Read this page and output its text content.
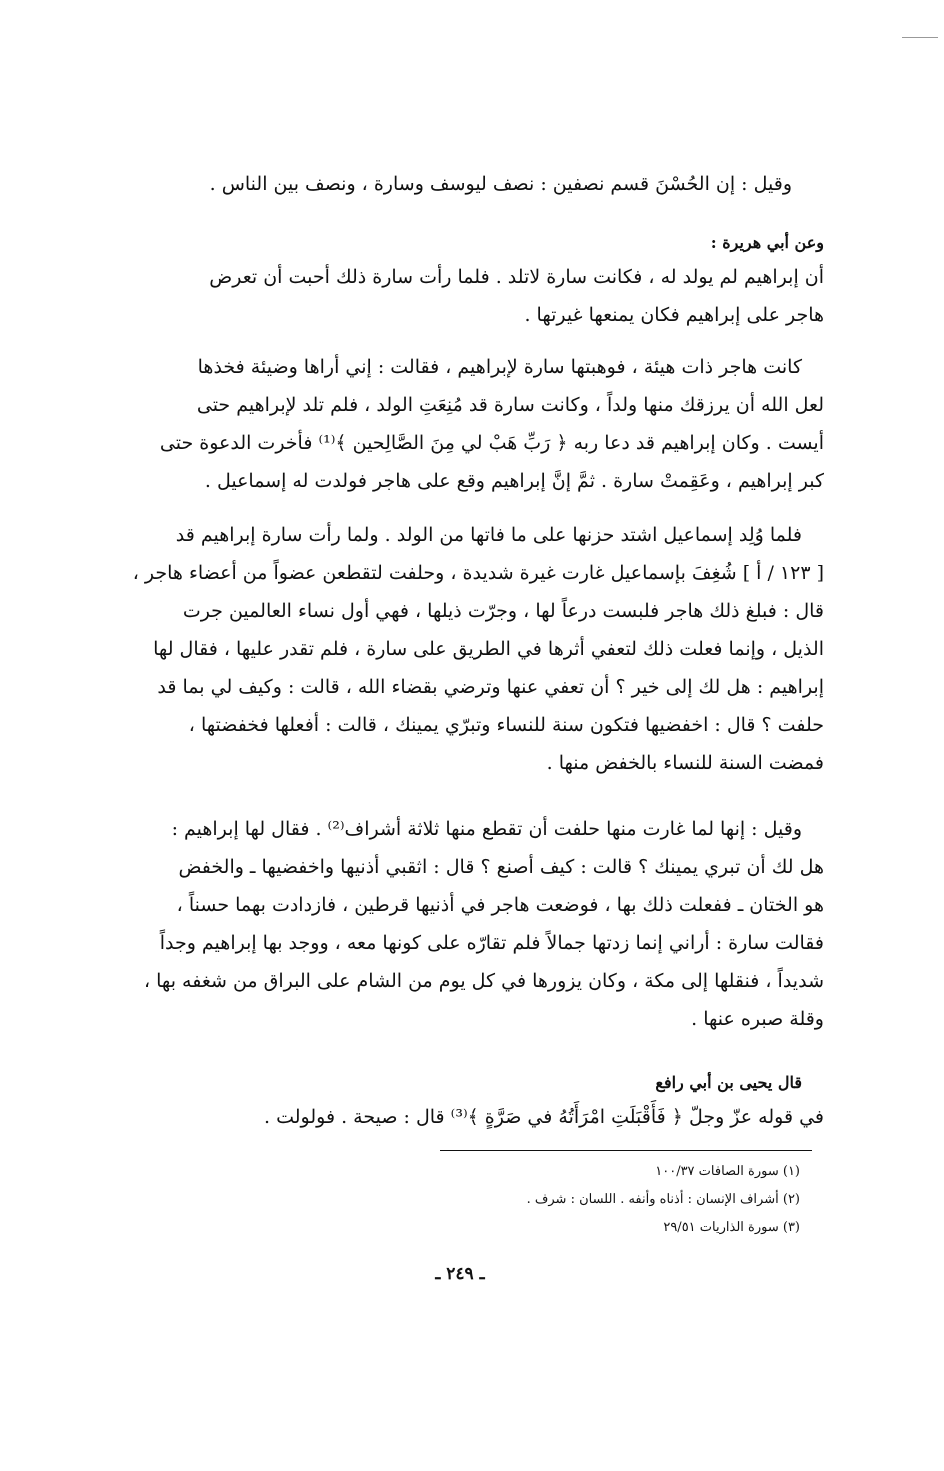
وقيل : إن الحُسْنَ قسم نصفين : نصف ليوسف وسارة ، ونصف بين الناس .
وعن أبي هريرة :
أن إبراهيم لم يولد له ، فكانت سارة لاتلد . فلما رأت سارة ذلك أحبت أن تعرض
هاجر على إبراهيم فكان يمنعها غيرتها .
كانت هاجر ذات هيئة ، فوهبتها سارة لإبراهيم ، فقالت : إني أراها وضيئة فخذها
لعل الله أن يرزقك منها ولداً ، وكانت سارة قد مُنِعَتِ الولد ، فلم تلد لإبراهيم حتى
أيست . وكان إبراهيم قد دعا ربه ﴿ رَبِّ هَبْ لي مِنَ الصَّالِحين ﴾⁽¹⁾ فأخرت الدعوة حتى
كبر إبراهيم ، وعَقِمتْ سارة . ثمَّ إنَّ إبراهيم وقع على هاجر فولدت له إسماعيل .
فلما وُلِد إسماعيل اشتد حزنها على ما فاتها من الولد . ولما رأت سارة إبراهيم قد
[ ١٢٣ / أ ] شُغِفَ بإسماعيل غارت غيرة شديدة ، وحلفت لتقطعن عضواً من أعضاء هاجر ،
قال : فبلغ ذلك هاجر فلبست درعاً لها ، وجرّت ذيلها ، فهي أول نساء العالمين جرت
الذيل ، وإنما فعلت ذلك لتعفي أثرها في الطريق على سارة ، فلم تقدر عليها ، فقال لها
إبراهيم : هل لك إلى خير ؟ أن تعفي عنها وترضي بقضاء الله ، قالت : وكيف لي بما قد
حلفت ؟ قال : اخفضيها فتكون سنة للنساء وتبرّي يمينك ، قالت : أفعلها فخفضتها ،
فمضت السنة للنساء بالخفض منها .
وقيل : إنها لما غارت منها حلفت أن تقطع منها ثلاثة أشراف⁽²⁾ . فقال لها إبراهيم :
هل لك أن تبري يمينك ؟ قالت : كيف أصنع ؟ قال : اثقبي أذنيها واخفضيها ـ والخفض
هو الختان ـ ففعلت ذلك بها ، فوضعت هاجر في أذنيها قرطين ، فازدادت بهما حسناً ،
فقالت سارة : أراني إنما زدتها جمالاً فلم تقارّه على كونها معه ، ووجد بها إبراهيم وجداً
شديداً ، فنقلها إلى مكة ، وكان يزورها في كل يوم من الشام على البراق من شغفه بها ،
وقلة صبره عنها .
قال يحيى بن أبي رافع
في قوله عزّ وجلّ ﴿ فَأَقْبَلَتِ امْرَأَتُهُ في صَرَّةٍ ﴾⁽³⁾ قال : صيحة . فولولت .
(١) سورة الصافات ١٠٠/٣٧
(٢) أشراف الإنسان : أذناه وأنفه . اللسان : شرف .
(٣) سورة الذاريات ٢٩/٥١
ـ ٢٤٩ ـ
